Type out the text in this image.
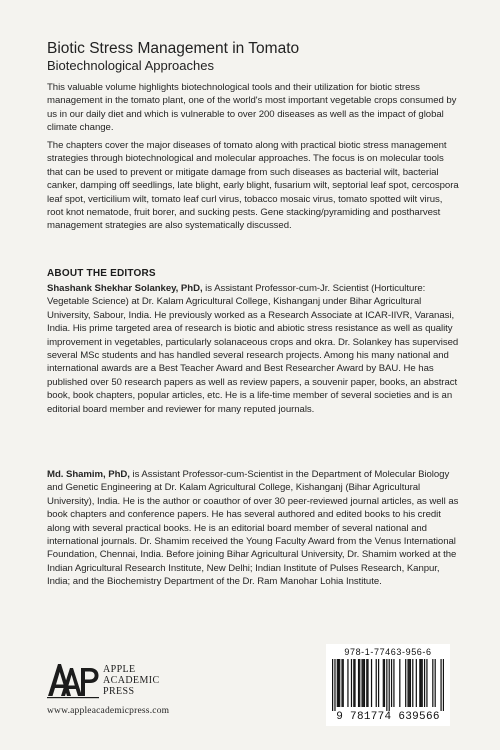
Biotic Stress Management in Tomato
Biotechnological Approaches
This valuable volume highlights biotechnological tools and their utilization for biotic stress management in the tomato plant, one of the world's most important vegetable crops consumed by us in our daily diet and which is vulnerable to over 200 diseases as well as the impact of global climate change.
The chapters cover the major diseases of tomato along with practical biotic stress management strategies through biotechnological and molecular approaches. The focus is on molecular tools that can be used to prevent or mitigate damage from such diseases as bacterial wilt, bacterial canker, damping off seedlings, late blight, early blight, fusarium wilt, septorial leaf spot, cercospora leaf spot, verticilium wilt, tomato leaf curl virus, tobacco mosaic virus, tomato spotted wilt virus, root knot nematode, fruit borer, and sucking pests. Gene stacking/pyramiding and postharvest management strategies are also systematically discussed.
ABOUT THE EDITORS
Shashank Shekhar Solankey, PhD, is Assistant Professor-cum-Jr. Scientist (Horticulture: Vegetable Science) at Dr. Kalam Agricultural College, Kishanganj under Bihar Agricultural University, Sabour, India. He previously worked as a Research Associate at ICAR-IIVR, Varanasi, India. His prime targeted area of research is biotic and abiotic stress resistance as well as quality improvement in vegetables, particularly solanaceous crops and okra. Dr. Solankey has supervised several MSc students and has handled several research projects. Among his many national and international awards are a Best Teacher Award and Best Researcher Award by BAU. He has published over 50 research papers as well as review papers, a souvenir paper, books, an abstract book, book chapters, popular articles, etc. He is a life-time member of several societies and is an editorial board member and reviewer for many reputed journals.
Md. Shamim, PhD, is Assistant Professor-cum-Scientist in the Department of Molecular Biology and Genetic Engineering at Dr. Kalam Agricultural College, Kishanganj (Bihar Agricultural University), India. He is the author or coauthor of over 30 peer-reviewed journal articles, as well as book chapters and conference papers. He has several authored and edited books to his credit along with several practical books. He is an editorial board member of several national and international journals. Dr. Shamim received the Young Faculty Award from the Venus International Foundation, Chennai, India. Before joining Bihar Agricultural University, Dr. Shamim worked at the Indian Agricultural Research Institute, New Delhi; Indian Institute of Pulses Research, Kanpur, India; and the Biochemistry Department of the Dr. Ram Manohar Lohia Institute.
APPLE
ACADEMIC
PRESS
www.appleacademicpress.com
978-1-77463-956-6
9 781774 639566
